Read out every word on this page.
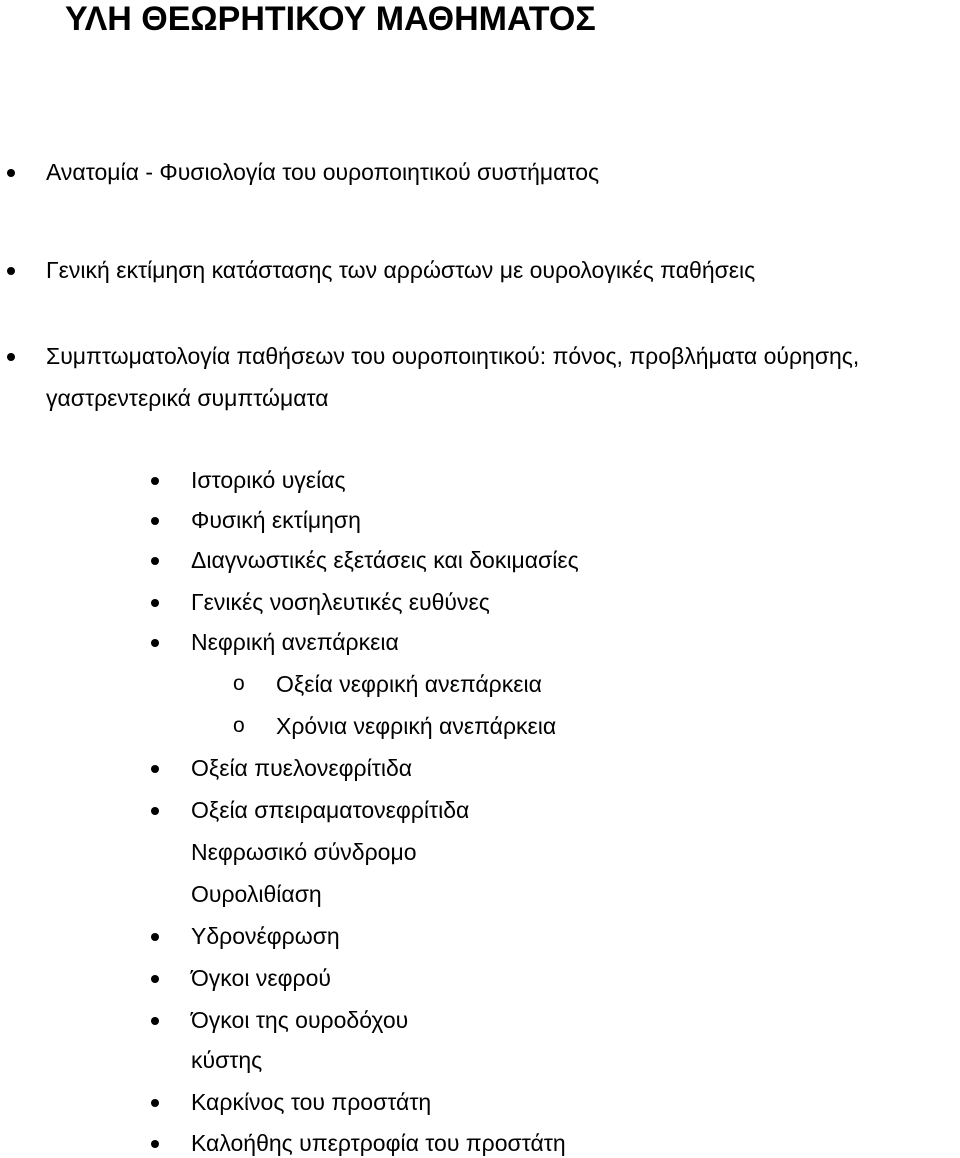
ΥΛΗ ΘΕΩΡΗΤΙΚΟΥ ΜΑΘΗΜΑΤΟΣ
Ανατομία - Φυσιολογία του ουροποιητικού συστήματος
Γενική εκτίμηση κατάστασης των αρρώστων με ουρολογικές παθήσεις
Συμπτωματολογία παθήσεων του ουροποιητικού: πόνος, προβλήματα ούρησης,
γαστρεντερικά συμπτώματα
Ιστορικό υγείας
Φυσική εκτίμηση
Διαγνωστικές εξετάσεις και δοκιμασίες
Γενικές νοσηλευτικές ευθύνες
Νεφρική ανεπάρκεια
o Οξεία νεφρική ανεπάρκεια
o Χρόνια νεφρική ανεπάρκεια
Οξεία πυελονεφρίτιδα
Οξεία σπειραματονεφρίτιδα
Νεφρωσικό σύνδρομο
Ουρολιθίαση
Υδρονέφρωση
Όγκοι νεφρού
Όγκοι της ουροδόχου
κύστης
Καρκίνος του προστάτη
Καλοήθης υπερτροφία του προστάτη
